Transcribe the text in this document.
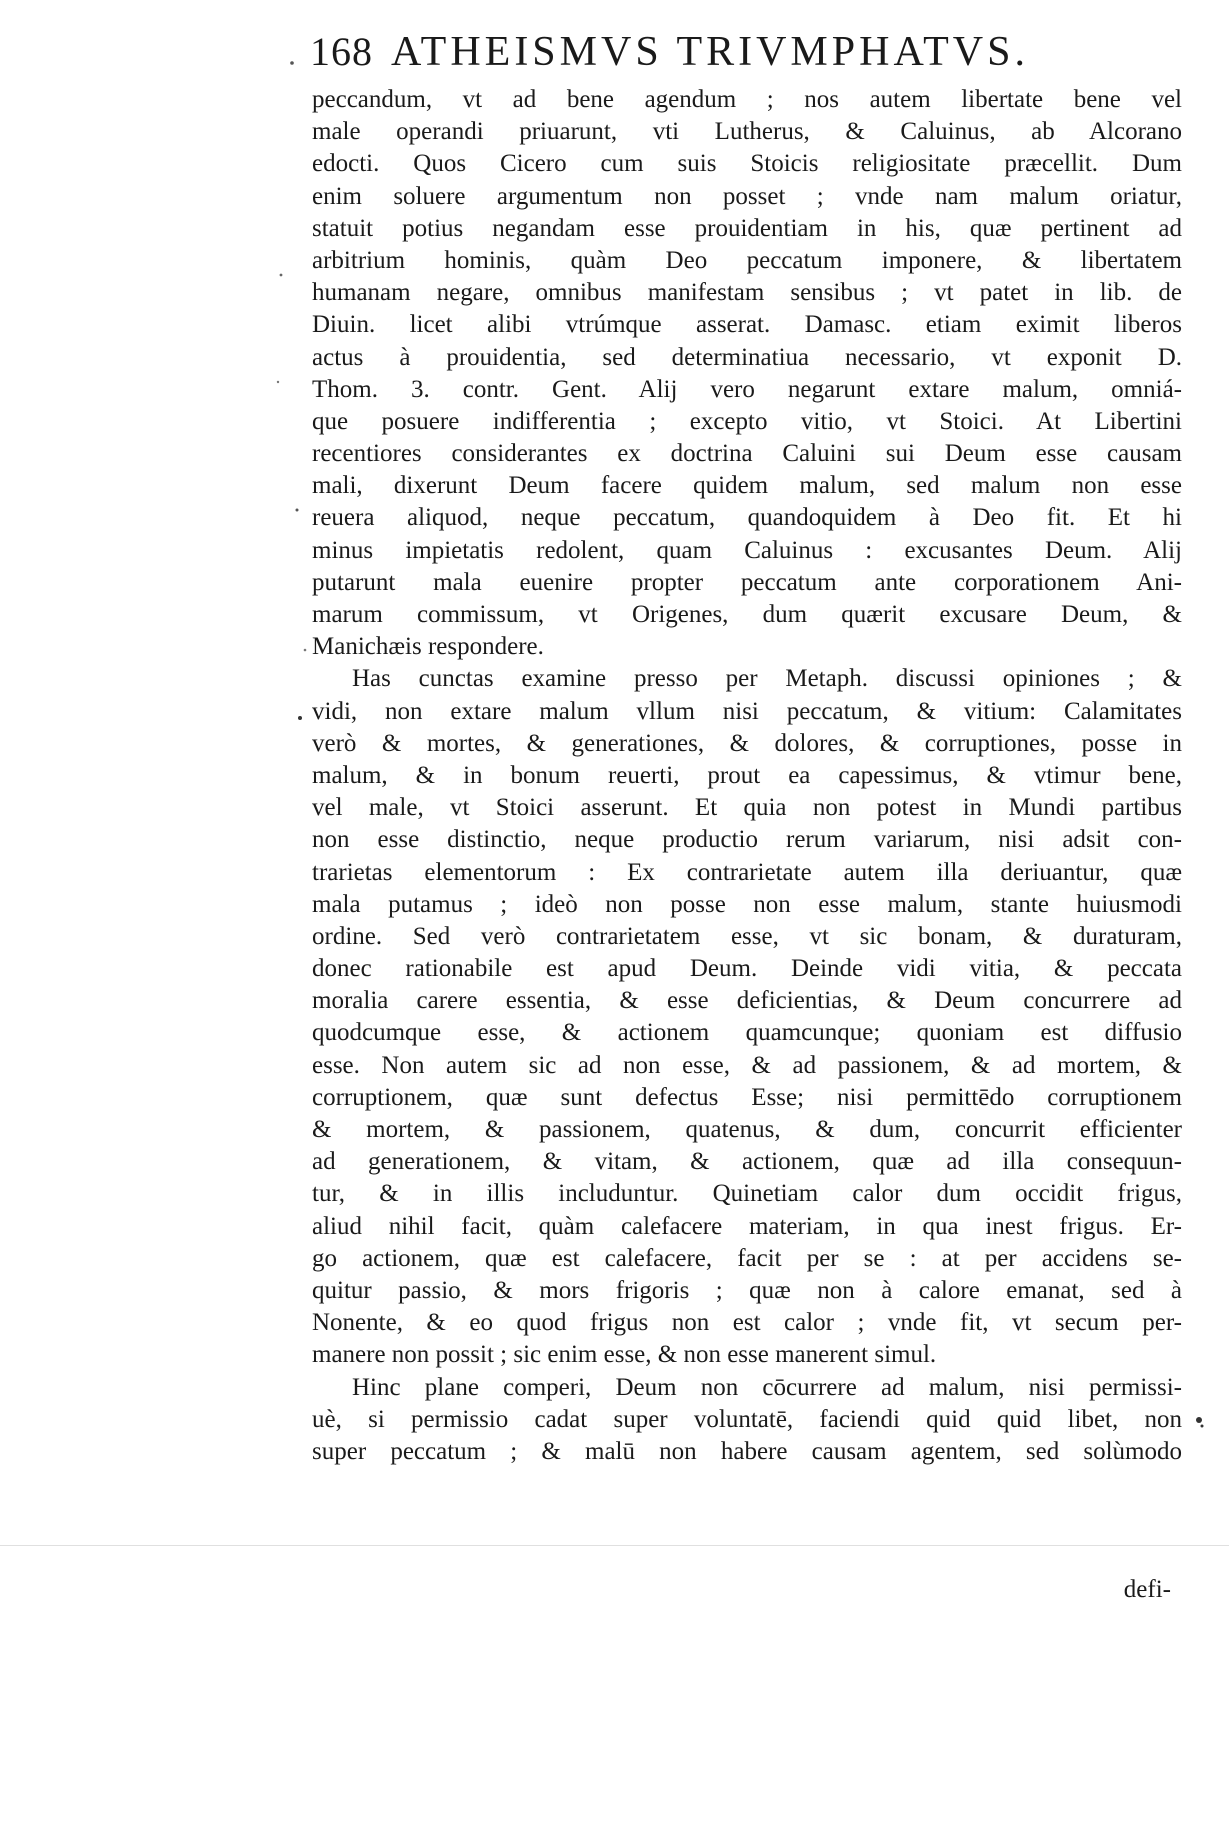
168 ATHEISMVS TRIVMPHATVS.
peccandum, vt ad bene agendum ; nos autem libertate bene vel
male operandi priuarunt, vti Lutherus, & Caluinus, ab Alcorano
edocti. Quos Cicero cum suis Stoicis religiositate præcellit. Dum
enim soluere argumentum non posset ; vnde nam malum oriatur,
statuit potius negandam esse prouidentiam in his, quæ pertinent ad
arbitrium hominis, quàm Deo peccatum imponere, & libertatem
humanam negare, omnibus manifestam sensibus ; vt patet in lib. de
Diuin. licet alibi vtrúmque asserat. Damasc. etiam eximit liberos
actus à prouidentia, sed determinatiua necessario, vt exponit D.
Thom. 3. contr. Gent. Alij vero negarunt extare malum, omniá-
que posuere indifferentia ; excepto vitio, vt Stoici. At Libertini
recentiores considerantes ex doctrina Caluini sui Deum esse causam
mali, dixerunt Deum facere quidem malum, sed malum non esse
reuera aliquod, neque peccatum, quandoquidem à Deo fit. Et hi
minus impietatis redolent, quam Caluinus : excusantes Deum. Alij
putarunt mala euenire propter peccatum ante corporationem Ani-
marum commissum, vt Origenes, dum quærit excusare Deum, &
Manichæis respondere.
Has cunctas examine presso per Metaph. discussi opiniones ; &
vidi, non extare malum vllum nisi peccatum, & vitium: Calamitates
verò & mortes, & generationes, & dolores, & corruptiones, posse in
malum, & in bonum reuerti, prout ea capessimus, & vtimur bene,
vel male, vt Stoici asserunt. Et quia non potest in Mundi partibus
non esse distinctio, neque productio rerum variarum, nisi adsit con-
trarietas elementorum : Ex contrarietate autem illa deriuantur, quæ
mala putamus ; ideò non posse non esse malum, stante huiusmodi
ordine. Sed verò contrarietatem esse, vt sic bonam, & duraturam,
donec rationabile est apud Deum. Deinde vidi vitia, & peccata
moralia carere essentia, & esse deficientias, & Deum concurrere ad
quodcumque esse, & actionem quamcunque; quoniam est diffusio
esse. Non autem sic ad non esse, & ad passionem, & ad mortem, &
corruptionem, quæ sunt defectus Esse; nisi permittēdo corruptionem
& mortem, & passionem, quatenus, & dum, concurrit efficienter
ad generationem, & vitam, & actionem, quæ ad illa consequun-
tur, & in illis includuntur. Quinetiam calor dum occidit frigus,
aliud nihil facit, quàm calefacere materiam, in qua inest frigus. Er-
go actionem, quæ est calefacere, facit per se : at per accidens se-
quitur passio, & mors frigoris ; quæ non à calore emanat, sed à
Nonente, & eo quod frigus non est calor ; vnde fit, vt secum per-
manere non possit ; sic enim esse, & non esse manerent simul.
Hinc plane comperi, Deum non cōcurrere ad malum, nisi permissi-
uè, si permissio cadat super voluntatē, faciendi quid quid libet, non
super peccatum ; & malū non habere causam agentem, sed solùmodo
defi-
